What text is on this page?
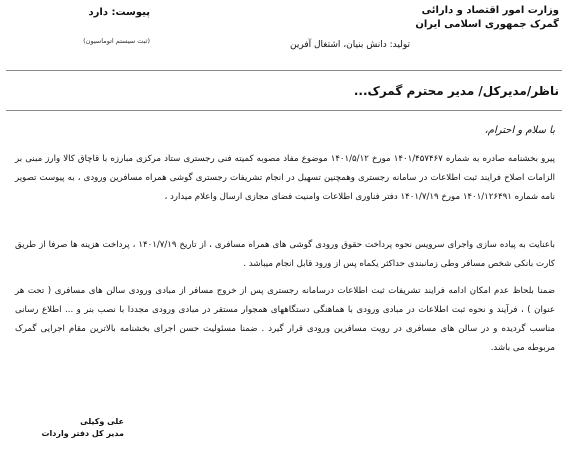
وزارت امور اقتصاد و دارائی
گمرک جمهوری اسلامی ایران
پیوست: دارد
(ثبت سیستم اتوماسیون)	تولید: دانش بنیان، اشتغال آفرین
ناظر/مدیرکل/ مدیر محترم گمرک...
با سلام و احترام،
پیرو بخشنامه صادره به شماره ۱۴۰۱/۴۵۷۴۶۷ مورخ ۱۴۰۱/۵/۱۲ موضوع مفاد مصوبه کمیته فنی رجستری ستاد مرکزی مبارزه با قاچاق کالا وارز مبنی بر الزامات اصلاح فرایند ثبت اطلاعات در سامانه رجستری وهمچنین تسهیل در انجام تشریفات رجستری گوشی همراه مسافرین ورودی ، به پیوست تصویر نامه شماره ۱۴۰۱/۱۲۶۴۹۱ مورخ ۱۴۰۱/۷/۱۹ دفتر فناوری اطلاعات وامنیت فضای مجازی ارسال واعلام میدارد ،
باعنایت به پیاده سازی واجرای سرویس نحوه پرداخت حقوق ورودی گوشی های همراه مسافری ، از تاریخ ۱۴۰۱/۷/۱۹ ، پرداخت هزینه ها صرفا از طریق کارت بانکی شخص مسافر وطی زمانبندی حداکثر یکماه پس از ورود قابل انجام میباشد .
ضمنا بلحاظ عدم امکان ادامه فرایند تشریفات ثبت اطلاعات درسامانه رجستری پس از خروج مسافر از مبادی ورودی سالن های مسافری ( تحت هر عنوان ) ، فرآیند و نحوه ثبت اطلاعات در مبادی ورودی با هماهنگی دستگاههای همجوار مستقر در مبادی ورودی مجددا با نصب بنر و ... اطلاع رسانی مناسب گردیده و در سالن های مسافری در رویت مسافرین ورودی قرار گیرد . ضمنا مسئولیت حسن اجرای بخشنامه بالاترین مقام اجرایی گمرک مربوطه می باشد.
علی وکیلی
مدیر کل دفتر واردات
